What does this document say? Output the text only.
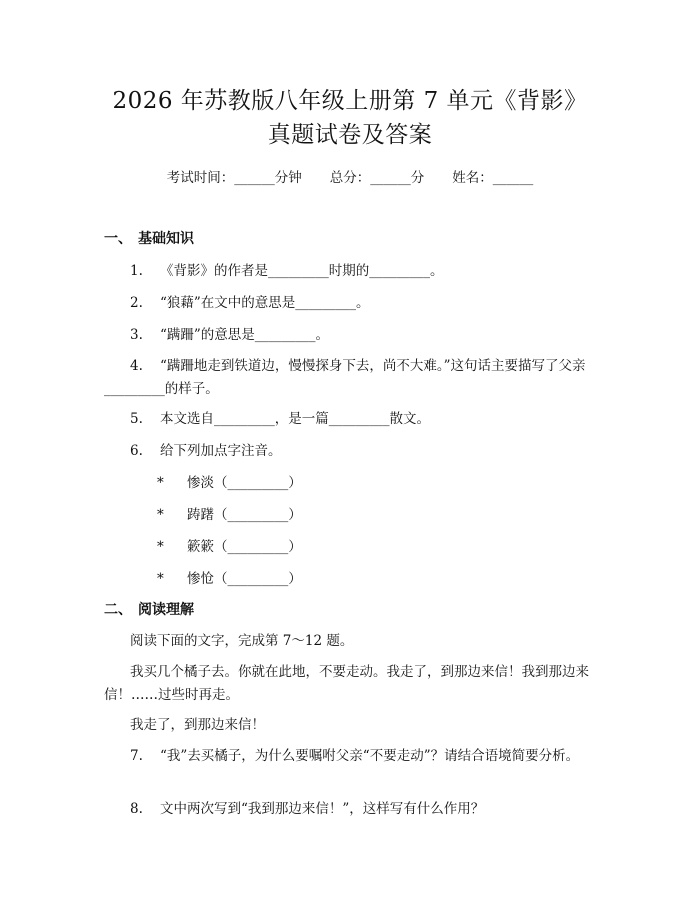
2026 年苏教版八年级上册第 7 单元《背影》
真题试卷及答案
考试时间：______分钟 总分：______分 姓名：______
一、 基础知识
1. 《背影》的作者是_________时期的_________。
2. “狼藉”在文中的意思是_________。
3. “蹒跚”的意思是_________。
4. “蹒跚地走到铁道边，慢慢探身下去，尚不大难。”这句话主要描写了父亲_________的样子。
5. 本文选自_________，是一篇_________散文。
6. 给下列加点字注音。
* 惨淡（_________）
* 踌躇（_________）
* 簌簌（_________）
* 惨怆（_________）
二、 阅读理解
阅读下面的文字，完成第 7～12 题。
我买几个橘子去。你就在此地，不要走动。我走了，到那边来信！我到那边来信！……过些时再走。
我走了，到那边来信！
7. “我”去买橘子，为什么要嘱咐父亲“不要走动”？请结合语境简要分析。
8. 文中两次写到“我到那边来信！”，这样写有什么作用？
